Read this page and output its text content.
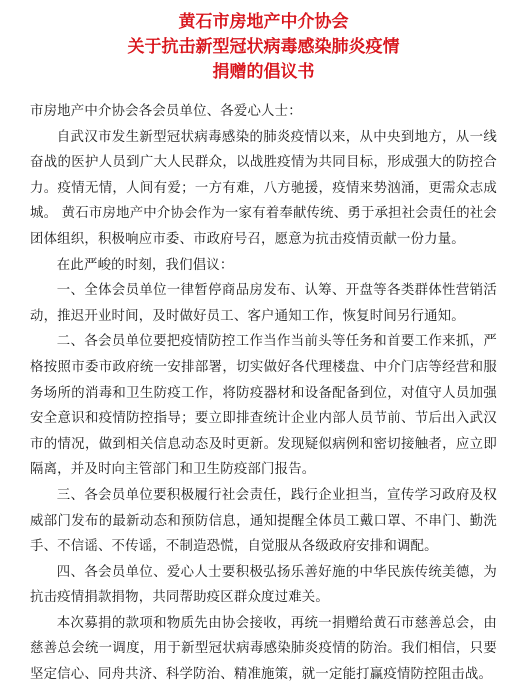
黄石市房地产中介协会

关于抗击新型冠状病毒感染肺炎疫情

捐赠的倡议书

市房地产中介协会各会员单位、各爱心人士：

自武汉市发生新型冠状病毒感染的肺炎疫情以来，从中央到地方，从一线奋战的医护人员到广大人民群众，以战胜疫情为共同目标，形成强大的防控合力。疫情无情，人间有爱；一方有难，八方驰援，疫情来势汹涌，更需众志成城。 黄石市房地产中介协会作为一家有着奉献传统、勇于承担社会责任的社会团体组织，积极响应市委、市政府号召，愿意为抗击疫情贡献一份力量。

在此严峻的时刻，我们倡议：

一、全体会员单位一律暂停商品房发布、认筹、开盘等各类群体性营销活动，推迟开业时间，及时做好员工、客户通知工作，恢复时间另行通知。

二、各会员单位要把疫情防控工作当作当前头等任务和首要工作来抓，严格按照市委市政府统一安排部署，切实做好各代理楼盘、中介门店等经营和服务场所的消毒和卫生防疫工作，将防疫器材和设备配备到位，对值守人员加强安全意识和疫情防控指导；要立即排查统计企业内部人员节前、节后出入武汉市的情况，做到相关信息动态及时更新。发现疑似病例和密切接触者，应立即隔离，并及时向主管部门和卫生防疫部门报告。

三、各会员单位要积极履行社会责任，践行企业担当，宣传学习政府及权威部门发布的最新动态和预防信息，通知提醒全体员工戴口罩、不串门、勤洗手、不信谣、不传谣，不制造恐慌，自觉服从各级政府安排和调配。

四、各会员单位、爱心人士要积极弘扬乐善好施的中华民族传统美德，为抗击疫情捐款捐物，共同帮助疫区群众度过难关。

本次募捐的款项和物质先由协会接收，再统一捐赠给黄石市慈善总会，由慈善总会统一调度，用于新型冠状病毒感染肺炎疫情的防治。我们相信，只要坚定信心、同舟共济、科学防治、精准施策，就一定能打赢疫情防控阻击战。
